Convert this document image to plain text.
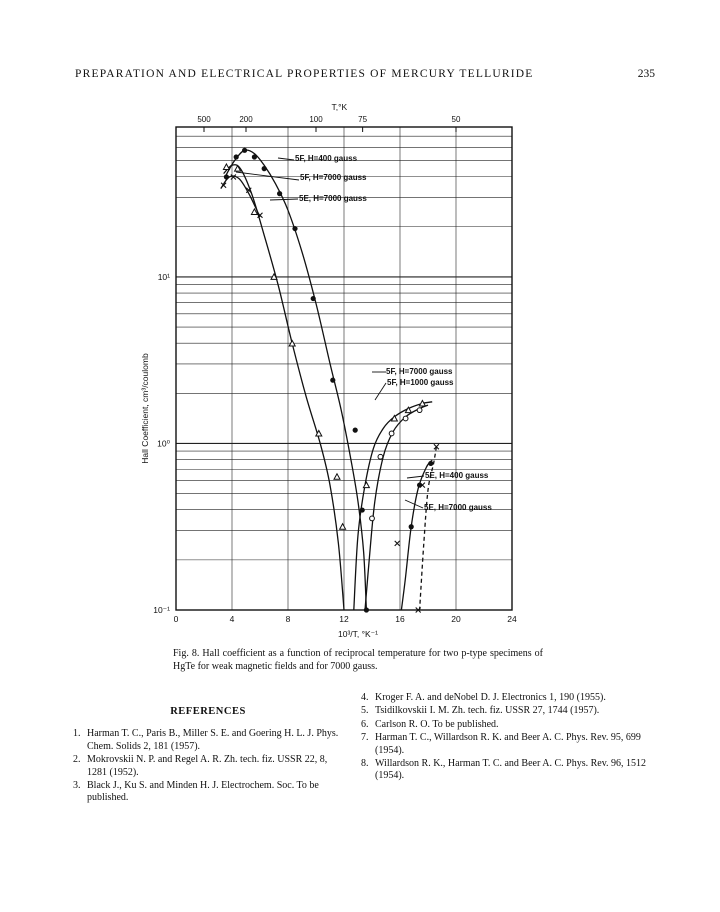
PREPARATION AND ELECTRICAL PROPERTIES OF MERCURY TELLURIDE	235
0	4	8	12	16	20	24
500	200	100	75	50
T,°K
10⁻¹
10⁰
10¹
10³/T, °K⁻¹
Hall Coefficient, cm³/coulomb
5F, H=400 gauss
5F, H=7000 gauss
5E, H=7000 gauss
5F, H=7000 gauss
5F, H=1000 gauss
5E, H=400 gauss
5E, H=7000 gauss
Fig. 8. Hall coefficient as a function of reciprocal temperature for two p-type specimens of HgTe for weak magnetic fields and for 7000 gauss.
REFERENCES
1. Harman T. C., Paris B., Miller S. E. and Goering H. L. J. Phys. Chem. Solids 2, 181 (1957).
2. Mokrovskii N. P. and Regel A. R. Zh. tech. fiz. USSR 22, 8, 1281 (1952).
3. Black J., Ku S. and Minden H. J. Electrochem. Soc. To be published.
4. Kroger F. A. and deNobel D. J. Electronics 1, 190 (1955).
5. Tsidilkovskii I. M. Zh. tech. fiz. USSR 27, 1744 (1957).
6. Carlson R. O. To be published.
7. Harman T. C., Willardson R. K. and Beer A. C. Phys. Rev. 95, 699 (1954).
8. Willardson R. K., Harman T. C. and Beer A. C. Phys. Rev. 96, 1512 (1954).
